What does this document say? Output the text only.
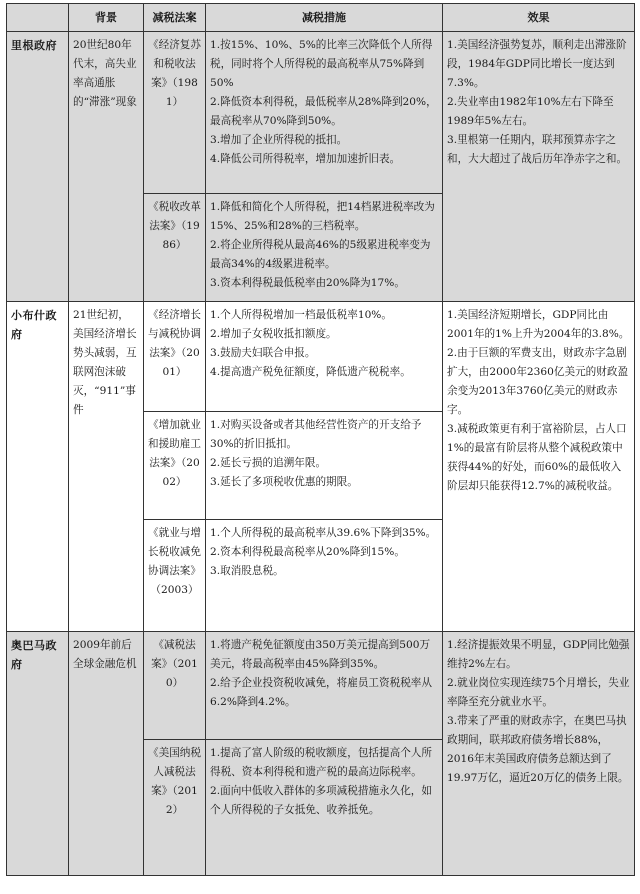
	背景	减税法案	减税措施	效果
里根政府	20世纪80年代末，高失业率高通胀的“滞涨”现象	《经济复苏和税收法案》（1981）	1.按15%、10%、5%的比率三次降低个人所得税，同时将个人所得税的最高税率从75%降到50%
2.降低资本利得税，最低税率从28%降到20%，最高税率从70%降到50%。
3.增加了企业所得税的抵扣。
4.降低公司所得税率，增加加速折旧表。	1.美国经济强势复苏，顺利走出滞涨阶段，1984年GDP同比增长一度达到7.3%。
2.失业率由1982年10%左右下降至1989年5%左右。
3.里根第一任期内，联邦预算赤字之和，大大超过了战后历年净赤字之和。

		《税收改革法案》（1986）	1.降低和简化个人所得税，把14档累进税率改为15%、25%和28%的三档税率。
2.将企业所得税从最高46%的5级累进税率变为最高34%的4级累进税率。
3.资本利得税最低税率由20%降为17%。	

小布什政府	21世纪初，美国经济增长势头减弱，互联网泡沫破灭，“911”事件	《经济增长与减税协调法案》（2001）	1.个人所得税增加一档最低税率10%。
2.增加子女税收抵扣额度。
3.鼓励夫妇联合申报。
4.提高遗产税免征额度，降低遗产税税率。	1.美国经济短期增长，GDP同比由2001年的1%上升为2004年的3.8%。
2.由于巨额的军费支出，财政赤字急剧扩大，由2000年2360亿美元的财政盈余变为2013年3760亿美元的财政赤字。
3.减税政策更有利于富裕阶层，占人口1%的最富有阶层将从整个减税政策中获得44%的好处，而60%的最低收入阶层却只能获得12.7%的减税收益。

		《增加就业和援助雇工法案》（2002）	1.对购买设备或者其他经营性资产的开支给予30%的折旧抵扣。
2.延长亏损的追溯年限。
3.延长了多项税收优惠的期限。	

		《就业与增长税收减免协调法案》（2003）	1.个人所得税的最高税率从39.6%下降到35%。
2.资本利得税最高税率从20%降到15%。
3.取消股息税。	

奥巴马政府	2009年前后全球金融危机	《减税法案》（2010）	1.将遗产税免征额度由350万美元提高到500万美元，将最高税率由45%降到35%。
2.给予企业投资税收减免，将雇员工资税税率从6.2%降到4.2%。	1.经济提振效果不明显，GDP同比勉强维持2%左右。
2.就业岗位实现连续75个月增长，失业率降至充分就业水平。
3.带来了严重的财政赤字，在奥巴马执政期间，联邦政府债务增长88%，2016年末美国政府债务总额达到了19.97万亿，逼近20万亿的债务上限。

		《美国纳税人减税法案》（2012）	1.提高了富人阶级的税收额度，包括提高个人所得税、资本利得税和遗产税的最高边际税率。
2.面向中低收入群体的多项减税措施永久化，如个人所得税的子女抵免、收养抵免。	
